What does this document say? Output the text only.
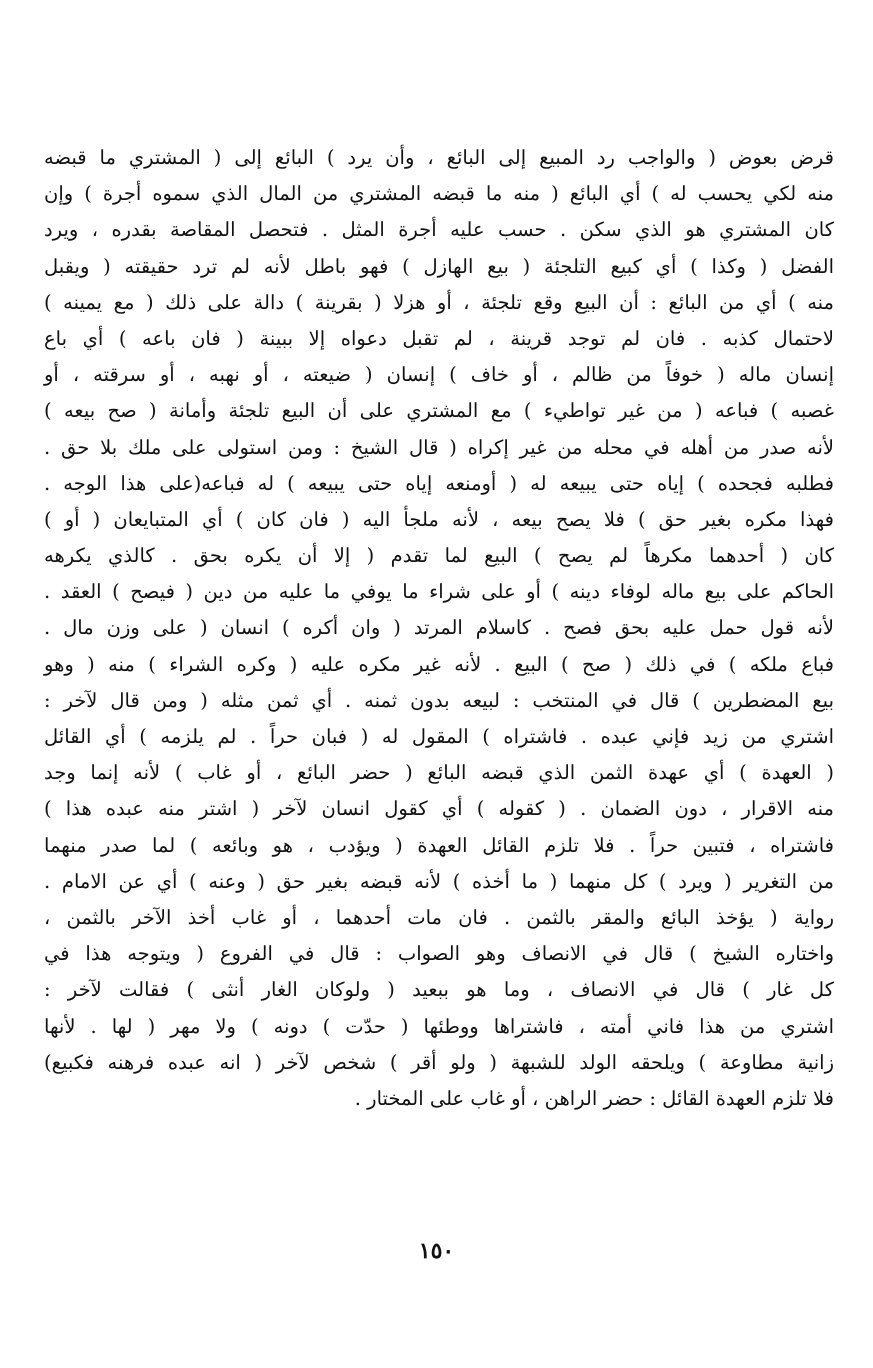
قرض بعوض ( والواجب رد المبيع إلى البائع ، وأن يرد ) البائع إلى ( المشتري ما قبضه
منه لكي يحسب له ) أي البائع ( منه ما قبضه المشتري من المال الذي سموه أجرة ) وإن
كان المشتري هو الذي سكن . حسب عليه أجرة المثل . فتحصل المقاصة بقدره ، ويرد
الفضل ( وكذا ) أي كبيع التلجئة ( بيع الهازل ) فهو باطل لأنه لم ترد حقيقته ( ويقبل
منه ) أي من البائع : أن البيع وقع تلجئة ، أو هزلا ( بقرينة ) دالة على ذلك ( مع يمينه )
لاحتمال كذبه . فان لم توجد قرينة ، لم تقبل دعواه إلا ببينة ( فان باعه ) أي باع
إنسان ماله ( خوفاً من ظالم ، أو خاف ) إنسان ( ضيعته ، أو نهبه ، أو سرقته ، أو
غصبه ) فباعه ( من غير تواطيء ) مع المشتري على أن البيع تلجئة وأمانة ( صح بيعه )
لأنه صدر من أهله في محله من غير إكراه ( قال الشيخ : ومن استولى على ملك بلا حق .
فطلبه فجحده ) إياه حتى يبيعه له ( أومنعه إياه حتى يبيعه ) له فباعه(على هذا الوجه .
فهذا مكره بغير حق ) فلا يصح بيعه ، لأنه ملجأ اليه ( فان كان ) أي المتبايعان ( أو )
كان ( أحدهما مكرهاً لم يصح ) البيع لما تقدم ( إلا أن يكره بحق . كالذي يكرهه
الحاكم على بيع ماله لوفاء دينه ) أو على شراء ما يوفي ما عليه من دين ( فيصح ) العقد .
لأنه قول حمل عليه بحق فصح . كاسلام المرتد ( وان أكره ) انسان ( على وزن مال .
فباع ملكه ) في ذلك ( صح ) البيع . لأنه غير مكره عليه ( وكره الشراء ) منه ( وهو
بيع المضطرين ) قال في المنتخب : لبيعه بدون ثمنه . أي ثمن مثله ( ومن قال لآخر :
اشتري من زيد فإني عبده . فاشتراه ) المقول له ( فبان حراً . لم يلزمه ) أي القائل
( العهدة ) أي عهدة الثمن الذي قبضه البائع ( حضر البائع ، أو غاب ) لأنه إنما وجد
منه الاقرار ، دون الضمان . ( كقوله ) أي كقول انسان لآخر ( اشتر منه عبده هذا )
فاشتراه ، فتبين حراً . فلا تلزم القائل العهدة ( ويؤدب ، هو وبائعه ) لما صدر منهما
من التغرير ( ويرد ) كل منهما ( ما أخذه ) لأنه قبضه بغير حق ( وعنه ) أي عن الامام .
رواية ( يؤخذ البائع والمقر بالثمن . فان مات أحدهما ، أو غاب أخذ الآخر بالثمن ،
واختاره الشيخ ) قال في الانصاف وهو الصواب : قال في الفروع ( ويتوجه هذا في
كل غار ) قال في الانصاف ، وما هو ببعيد ( ولوكان الغار أنثى ) فقالت لآخر :
اشتري من هذا فاني أمته ، فاشتراها ووطئها ( حدّت ) دونه ) ولا مهر ( لها . لأنها
زانية مطاوعة ) ويلحقه الولد للشبهة ( ولو أقر ) شخص لآخر ( انه عبده فرهنه فكبيع)
فلا تلزم العهدة القائل : حضر الراهن ، أو غاب على المختار .
١٥٠
